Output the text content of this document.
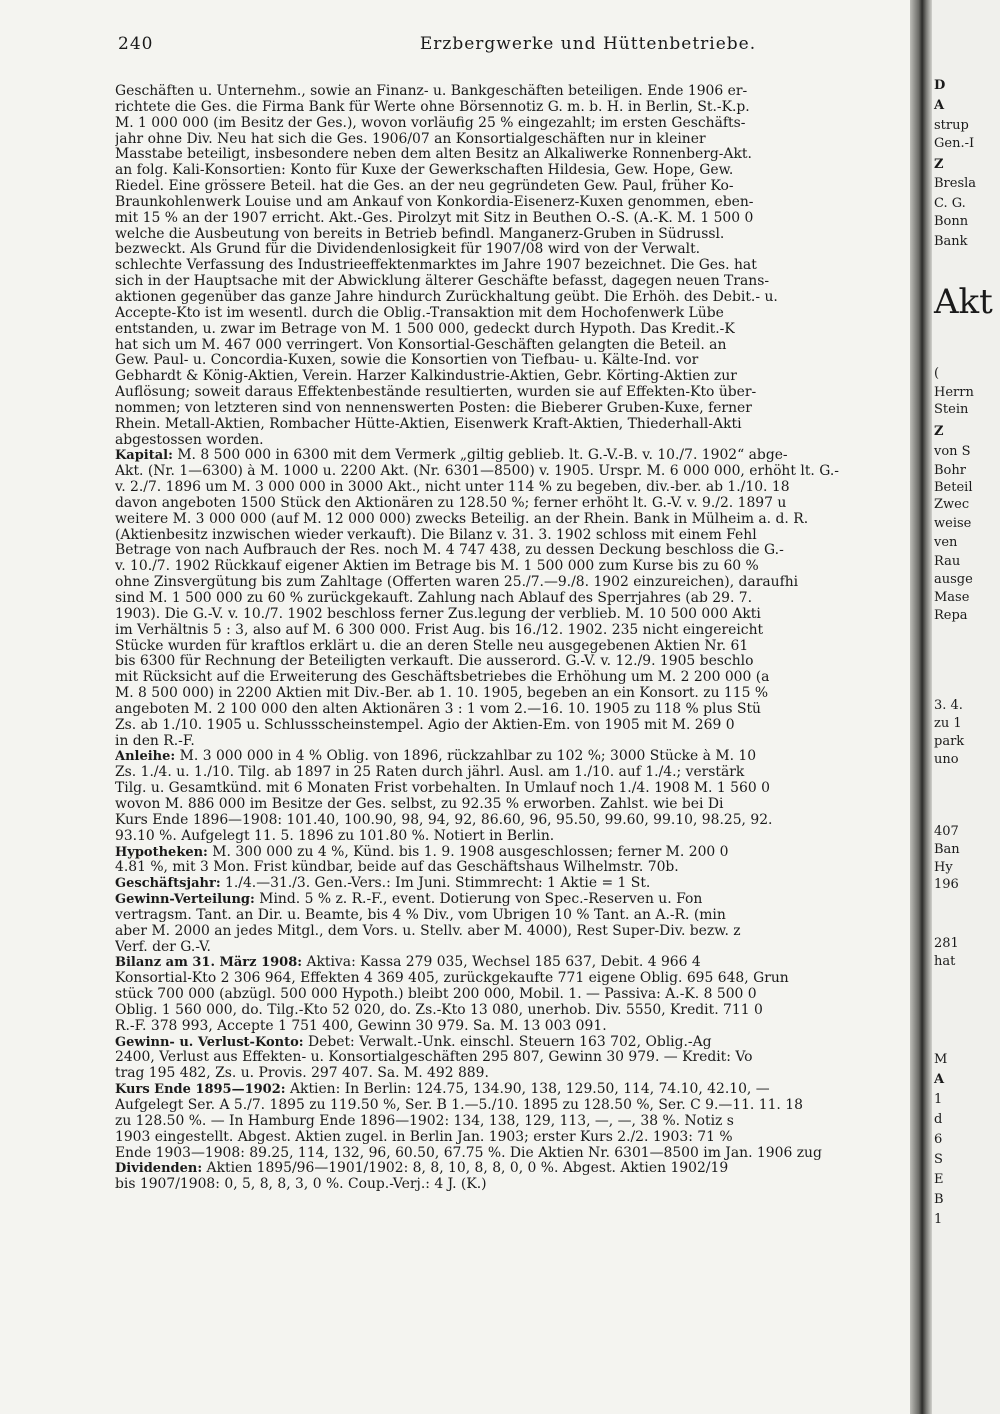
240	Erzbergwerke und Hüttenbetriebe.
Geschäften u. Unternehm., sowie an Finanz- u. Bankgeschäften beteiligen. Ende 1906 er-
richtete die Ges. die Firma Bank für Werte ohne Börsennotiz G. m. b. H. in Berlin, St.-K.p.
M. 1 000 000 (im Besitz der Ges.), wovon vorläufig 25 % eingezahlt; im ersten Geschäfts-
jahr ohne Div. Neu hat sich die Ges. 1906/07 an Konsortialgeschäften nur in kleiner
Masstabe beteiligt, insbesondere neben dem alten Besitz an Alkaliwerke Ronnenberg-Akt.
an folg. Kali-Konsortien: Konto für Kuxe der Gewerkschaften Hildesia, Gew. Hope, Gew.
Riedel. Eine grössere Beteil. hat die Ges. an der neu gegründeten Gew. Paul, früher Ko-
Braunkohlenwerk Louise und am Ankauf von Konkordia-Eisenerz-Kuxen genommen, eben-
mit 15 % an der 1907 erricht. Akt.-Ges. Pirolzyt mit Sitz in Beuthen O.-S. (A.-K. M. 1 500 0
welche die Ausbeutung von bereits in Betrieb befindl. Manganerz-Gruben in Südrussl.
bezweckt. Als Grund für die Dividendenlosigkeit für 1907/08 wird von der Verwalt.
schlechte Verfassung des Industrieeffektenmarktes im Jahre 1907 bezeichnet. Die Ges. hat
sich in der Hauptsache mit der Abwicklung älterer Geschäfte befasst, dagegen neuen Trans-
aktionen gegenüber das ganze Jahre hindurch Zurückhaltung geübt. Die Erhöh. des Debit.- u.
Accepte-Kto ist im wesentl. durch die Oblig.-Transaktion mit dem Hochofenwerk Lübe
entstanden, u. zwar im Betrage von M. 1 500 000, gedeckt durch Hypoth. Das Kredit.-K
hat sich um M. 467 000 verringert. Von Konsortial-Geschäften gelangten die Beteil. an
Gew. Paul- u. Concordia-Kuxen, sowie die Konsortien von Tiefbau- u. Kälte-Ind. vor
Gebhardt & König-Aktien, Verein. Harzer Kalkindustrie-Aktien, Gebr. Körting-Aktien zur
Auflösung; soweit daraus Effektenbestände resultierten, wurden sie auf Effekten-Kto über-
nommen; von letzteren sind von nennenswerten Posten: die Bieberer Gruben-Kuxe, ferner
Rhein. Metall-Aktien, Rombacher Hütte-Aktien, Eisenwerk Kraft-Aktien, Thiederhall-Akti
abgestossen worden.
Kapital: M. 8 500 000 in 6300 mit dem Vermerk „giltig geblieb. lt. G.-V.-B. v. 10./7. 1902“ abge-
Akt. (Nr. 1—6300) à M. 1000 u. 2200 Akt. (Nr. 6301—8500) v. 1905. Urspr. M. 6 000 000, erhöht lt. G.-
v. 2./7. 1896 um M. 3 000 000 in 3000 Akt., nicht unter 114 % zu begeben, div.-ber. ab 1./10. 18
davon angeboten 1500 Stück den Aktionären zu 128.50 %; ferner erhöht lt. G.-V. v. 9./2. 1897 u
weitere M. 3 000 000 (auf M. 12 000 000) zwecks Beteilig. an der Rhein. Bank in Mülheim a. d. R.
(Aktienbesitz inzwischen wieder verkauft). Die Bilanz v. 31. 3. 1902 schloss mit einem Fehl
Betrage von nach Aufbrauch der Res. noch M. 4 747 438, zu dessen Deckung beschloss die G.-
v. 10./7. 1902 Rückkauf eigener Aktien im Betrage bis M. 1 500 000 zum Kurse bis zu 60 %
ohne Zinsvergütung bis zum Zahltage (Offerten waren 25./7.—9./8. 1902 einzureichen), daraufhi
sind M. 1 500 000 zu 60 % zurückgekauft. Zahlung nach Ablauf des Sperrjahres (ab 29. 7.
1903). Die G.-V. v. 10./7. 1902 beschloss ferner Zus.legung der verblieb. M. 10 500 000 Akti
im Verhältnis 5 : 3, also auf M. 6 300 000. Frist Aug. bis 16./12. 1902. 235 nicht eingereicht
Stücke wurden für kraftlos erklärt u. die an deren Stelle neu ausgegebenen Aktien Nr. 61
bis 6300 für Rechnung der Beteiligten verkauft. Die ausserord. G.-V. v. 12./9. 1905 beschlo
mit Rücksicht auf die Erweiterung des Geschäftsbetriebes die Erhöhung um M. 2 200 000 (a
M. 8 500 000) in 2200 Aktien mit Div.-Ber. ab 1. 10. 1905, begeben an ein Konsort. zu 115 %
angeboten M. 2 100 000 den alten Aktionären 3 : 1 vom 2.—16. 10. 1905 zu 118 % plus Stü
Zs. ab 1./10. 1905 u. Schlussscheinstempel. Agio der Aktien-Em. von 1905 mit M. 269 0
in den R.-F.
Anleihe: M. 3 000 000 in 4 % Oblig. von 1896, rückzahlbar zu 102 %; 3000 Stücke à M. 10
Zs. 1./4. u. 1./10. Tilg. ab 1897 in 25 Raten durch jährl. Ausl. am 1./10. auf 1./4.; verstärk
Tilg. u. Gesamtkünd. mit 6 Monaten Frist vorbehalten. In Umlauf noch 1./4. 1908 M. 1 560 0
wovon M. 886 000 im Besitze der Ges. selbst, zu 92.35 % erworben. Zahlst. wie bei Di
Kurs Ende 1896—1908: 101.40, 100.90, 98, 94, 92, 86.60, 96, 95.50, 99.60, 99.10, 98.25, 92.
93.10 %. Aufgelegt 11. 5. 1896 zu 101.80 %. Notiert in Berlin.
Hypotheken: M. 300 000 zu 4 %, Künd. bis 1. 9. 1908 ausgeschlossen; ferner M. 200 0
4.81 %, mit 3 Mon. Frist kündbar, beide auf das Geschäftshaus Wilhelmstr. 70b.
Geschäftsjahr: 1./4.—31./3. Gen.-Vers.: Im Juni. Stimmrecht: 1 Aktie = 1 St.
Gewinn-Verteilung: Mind. 5 % z. R.-F., event. Dotierung von Spec.-Reserven u. Fon
vertragsm. Tant. an Dir. u. Beamte, bis 4 % Div., vom Übrigen 10 % Tant. an A.-R. (min
aber M. 2000 an jedes Mitgl., dem Vors. u. Stellv. aber M. 4000), Rest Super-Div. bezw. z
Verf. der G.-V.
Bilanz am 31. März 1908: Aktiva: Kassa 279 035, Wechsel 185 637, Debit. 4 966 4
Konsortial-Kto 2 306 964, Effekten 4 369 405, zurückgekaufte 771 eigene Oblig. 695 648, Grun
stück 700 000 (abzügl. 500 000 Hypoth.) bleibt 200 000, Mobil. 1. — Passiva: A.-K. 8 500 0
Oblig. 1 560 000, do. Tilg.-Kto 52 020, do. Zs.-Kto 13 080, unerhob. Div. 5550, Kredit. 711 0
R.-F. 378 993, Accepte 1 751 400, Gewinn 30 979. Sa. M. 13 003 091.
Gewinn- u. Verlust-Konto: Debet: Verwalt.-Unk. einschl. Steuern 163 702, Oblig.-Ag
2400, Verlust aus Effekten- u. Konsortialgeschäften 295 807, Gewinn 30 979. — Kredit: Vo
trag 195 482, Zs. u. Provis. 297 407. Sa. M. 492 889.
Kurs Ende 1895—1902: Aktien: In Berlin: 124.75, 134.90, 138, 129.50, 114, 74.10, 42.10, —
Aufgelegt Ser. A 5./7. 1895 zu 119.50 %, Ser. B 1.—5./10. 1895 zu 128.50 %, Ser. C 9.—11. 11. 18
zu 128.50 %. — In Hamburg Ende 1896—1902: 134, 138, 129, 113, —, —, 38 %. Notiz s
1903 eingestellt. Abgest. Aktien zugel. in Berlin Jan. 1903; erster Kurs 2./2. 1903: 71 %
Ende 1903—1908: 89.25, 114, 132, 96, 60.50, 67.75 %. Die Aktien Nr. 6301—8500 im Jan. 1906 zug
Dividenden: Aktien 1895/96—1901/1902: 8, 8, 10, 8, 8, 0, 0 %. Abgest. Aktien 1902/19
bis 1907/1908: 0, 5, 8, 8, 3, 0 %. Coup.-Verj.: 4 J. (K.)
D
A
strup
Gen.-I
Z
Bresla
C. G.
Bonn
Bank
Akt
(
Herrn
Stein
Z
von S
Bohr
Beteil
Zwec
weise
ven
Rau
ausge
Mase
Repa
3. 4.
zu 1
park
uno
407
Ban
Hy
196
281
hat
M
A
1
d
6
S
E
B
1
